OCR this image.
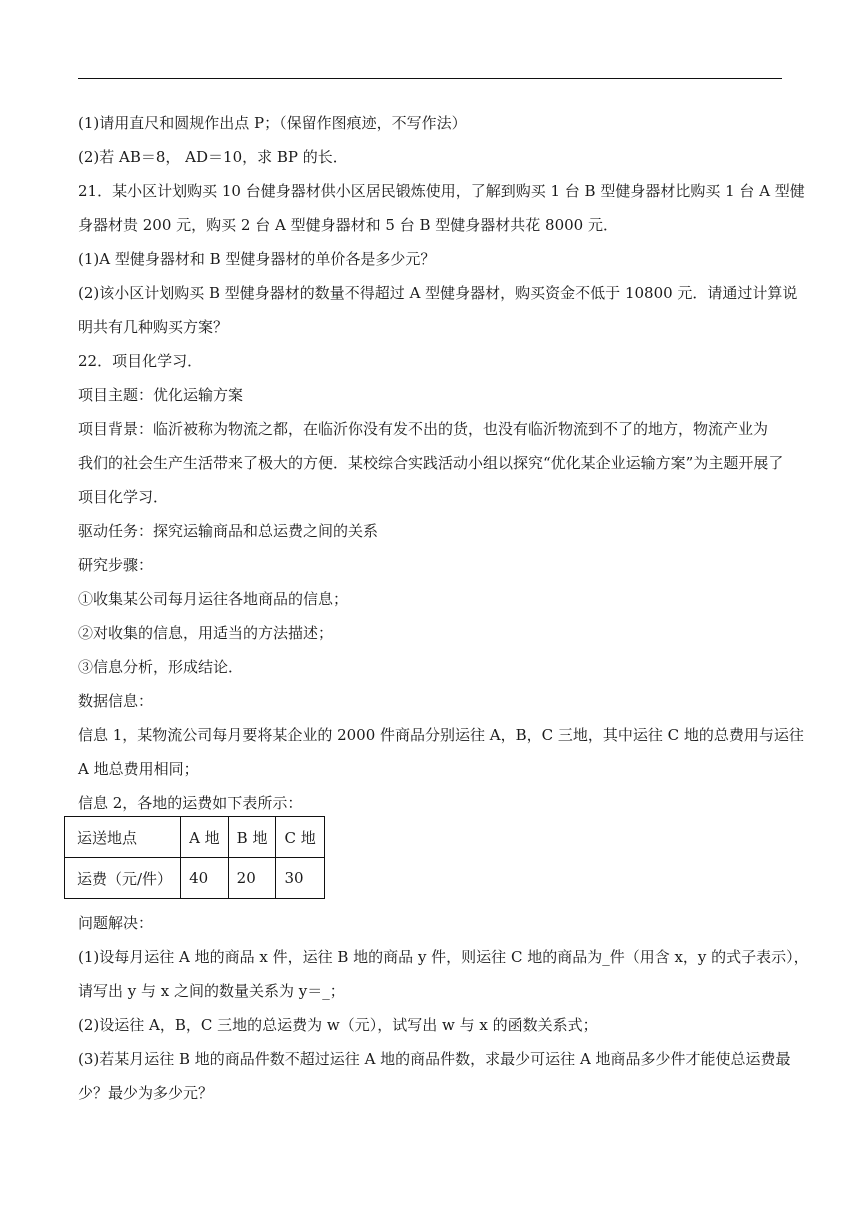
(1)请用直尺和圆规作出点 P；（保留作图痕迹，不写作法）
(2)若 AB＝8， AD＝10，求 BP 的长．
21．某小区计划购买 10 台健身器材供小区居民锻炼使用，了解到购买 1 台 B 型健身器材比购买 1 台 A 型健
身器材贵 200 元，购买 2 台 A 型健身器材和 5 台 B 型健身器材共花 8000 元．
(1)A 型健身器材和 B 型健身器材的单价各是多少元？
(2)该小区计划购买 B 型健身器材的数量不得超过 A 型健身器材，购买资金不低于 10800 元．请通过计算说
明共有几种购买方案？
22．项目化学习．
项目主题：优化运输方案
项目背景：临沂被称为物流之都，在临沂你没有发不出的货，也没有临沂物流到不了的地方，物流产业为
我们的社会生产生活带来了极大的方便．某校综合实践活动小组以探究“优化某企业运输方案”为主题开展了
项目化学习．
驱动任务：探究运输商品和总运费之间的关系
研究步骤：
①收集某公司每月运往各地商品的信息；
②对收集的信息，用适当的方法描述；
③信息分析，形成结论．
数据信息：
信息 1，某物流公司每月要将某企业的 2000 件商品分别运往 A，B，C 三地，其中运往 C 地的总费用与运往
A 地总费用相同；
信息 2，各地的运费如下表所示：
问题解决：
(1)设每月运往 A 地的商品 x 件，运往 B 地的商品 y 件，则运往 C 地的商品为_件（用含 x，y 的式子表示），
请写出 y 与 x 之间的数量关系为 y＝_；
(2)设运往 A，B，C 三地的总运费为 w（元），试写出 w 与 x 的函数关系式；
(3)若某月运往 B 地的商品件数不超过运往 A 地的商品件数，求最少可运往 A 地商品多少件才能使总运费最
少？最少为多少元？
运送地点	A 地	B 地	C 地
运费（元/件）	40	20	30
